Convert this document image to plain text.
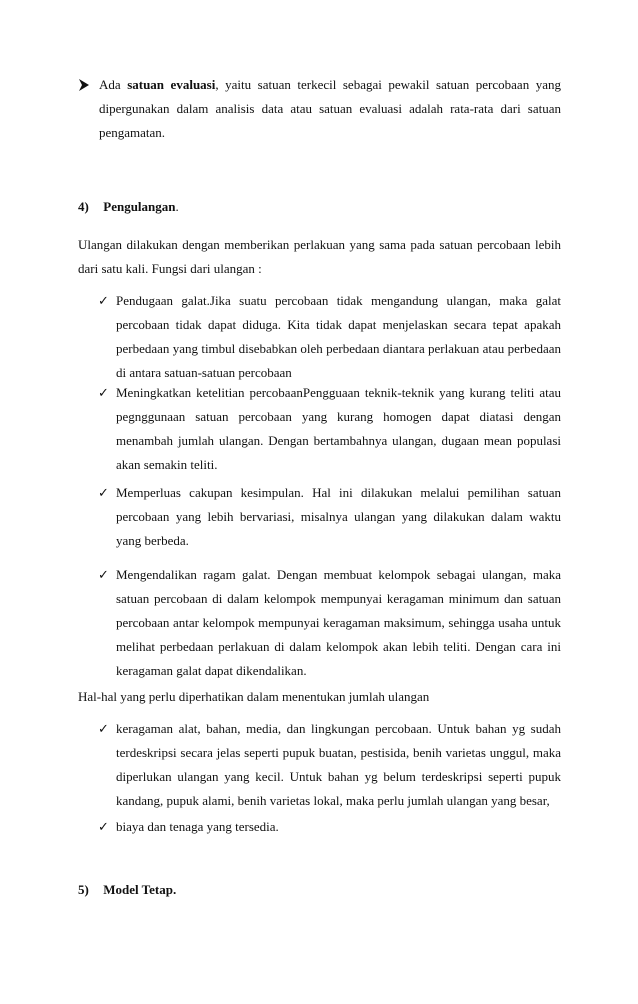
Ada satuan evaluasi, yaitu satuan terkecil sebagai pewakil satuan percobaan yang dipergunakan dalam analisis data atau satuan evaluasi adalah rata-rata dari satuan pengamatan.

4) Pengulangan.

Ulangan dilakukan dengan memberikan perlakuan yang sama pada satuan percobaan lebih dari satu kali. Fungsi dari ulangan :

✓ Pendugaan galat.Jika suatu percobaan tidak mengandung ulangan, maka galat percobaan tidak dapat diduga. Kita tidak dapat menjelaskan secara tepat apakah perbedaan yang timbul disebabkan oleh perbedaan diantara perlakuan atau perbedaan di antara satuan-satuan percobaan

✓ Meningkatkan ketelitian percobaanPengguaan teknik-teknik yang kurang teliti atau pegnggunaan satuan percobaan yang kurang homogen dapat diatasi dengan menambah jumlah ulangan. Dengan bertambahnya ulangan, dugaan mean populasi akan semakin teliti.

✓ Memperluas cakupan kesimpulan. Hal ini dilakukan melalui pemilihan satuan percobaan yang lebih bervariasi, misalnya ulangan yang dilakukan dalam waktu yang berbeda.

✓ Mengendalikan ragam galat. Dengan membuat kelompok sebagai ulangan, maka satuan percobaan di dalam kelompok mempunyai keragaman minimum dan satuan percobaan antar kelompok mempunyai keragaman maksimum, sehingga usaha untuk melihat perbedaan perlakuan di dalam kelompok akan lebih teliti. Dengan cara ini keragaman galat dapat dikendalikan.

Hal-hal yang perlu diperhatikan dalam menentukan jumlah ulangan

✓ keragaman alat, bahan, media, dan lingkungan percobaan. Untuk bahan yg sudah terdeskripsi secara jelas seperti pupuk buatan, pestisida, benih varietas unggul, maka diperlukan ulangan yang kecil. Untuk bahan yg belum terdeskripsi seperti pupuk kandang, pupuk alami, benih varietas lokal, maka perlu jumlah ulangan yang besar,

✓ biaya dan tenaga yang tersedia.

5) Model Tetap.
